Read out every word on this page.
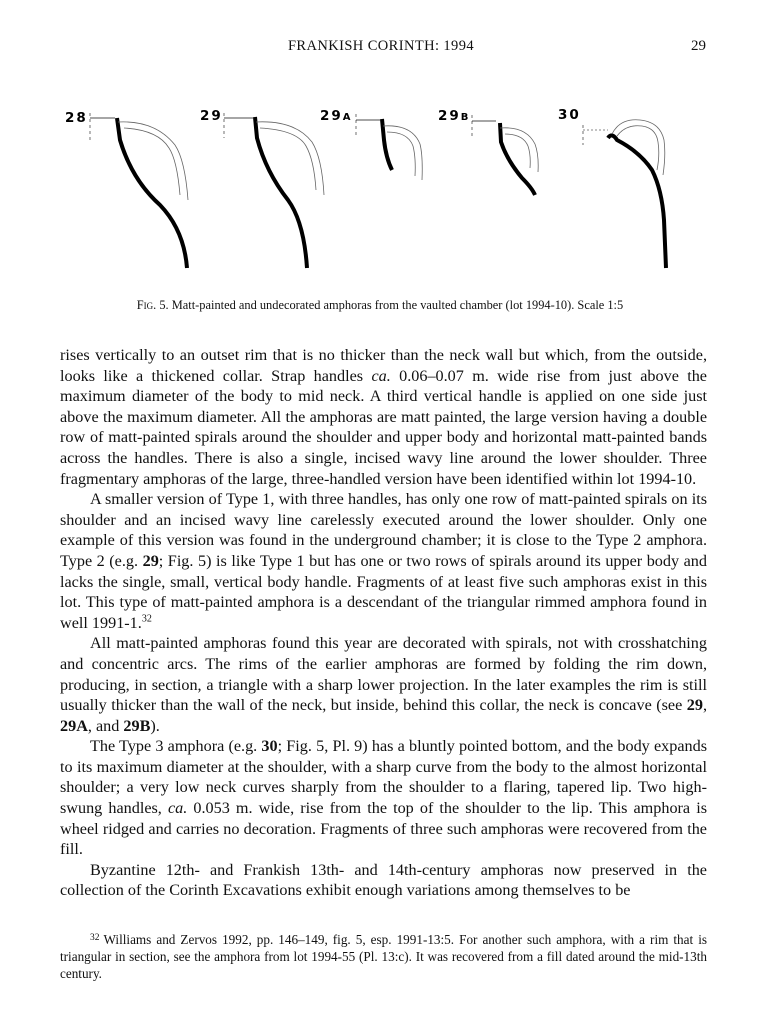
FRANKISH CORINTH: 1994	29
28	29	29A	29B	30
Fig. 5. Matt-painted and undecorated amphoras from the vaulted chamber (lot 1994-10). Scale 1:5

rises vertically to an outset rim that is no thicker than the neck wall but which, from the outside, looks like a thickened collar. Strap handles ca. 0.06–0.07 m. wide rise from just above the maximum diameter of the body to mid neck. A third vertical handle is applied on one side just above the maximum diameter. All the amphoras are matt painted, the large version having a double row of matt-painted spirals around the shoulder and upper body and horizontal matt-painted bands across the handles. There is also a single, incised wavy line around the lower shoulder. Three fragmentary amphoras of the large, three-handled version have been identified within lot 1994-10.

A smaller version of Type 1, with three handles, has only one row of matt-painted spirals on its shoulder and an incised wavy line carelessly executed around the lower shoulder. Only one example of this version was found in the underground chamber; it is close to the Type 2 amphora. Type 2 (e.g. 29; Fig. 5) is like Type 1 but has one or two rows of spirals around its upper body and lacks the single, small, vertical body handle. Fragments of at least five such amphoras exist in this lot. This type of matt-painted amphora is a descendant of the triangular rimmed amphora found in well 1991-1.32

All matt-painted amphoras found this year are decorated with spirals, not with crosshatching and concentric arcs. The rims of the earlier amphoras are formed by folding the rim down, producing, in section, a triangle with a sharp lower projection. In the later examples the rim is still usually thicker than the wall of the neck, but inside, behind this collar, the neck is concave (see 29, 29A, and 29B).

The Type 3 amphora (e.g. 30; Fig. 5, Pl. 9) has a bluntly pointed bottom, and the body expands to its maximum diameter at the shoulder, with a sharp curve from the body to the almost horizontal shoulder; a very low neck curves sharply from the shoulder to a flaring, tapered lip. Two high-swung handles, ca. 0.053 m. wide, rise from the top of the shoulder to the lip. This amphora is wheel ridged and carries no decoration. Fragments of three such amphoras were recovered from the fill.

Byzantine 12th- and Frankish 13th- and 14th-century amphoras now preserved in the collection of the Corinth Excavations exhibit enough variations among themselves to be

$^{32}$ Williams and Zervos 1992, pp. 146–149, fig. 5, esp. 1991-13:5. For another such amphora, with a rim that is triangular in section, see the amphora from lot 1994-55 (Pl. 13:c). It was recovered from a fill dated around the mid-13th century.
